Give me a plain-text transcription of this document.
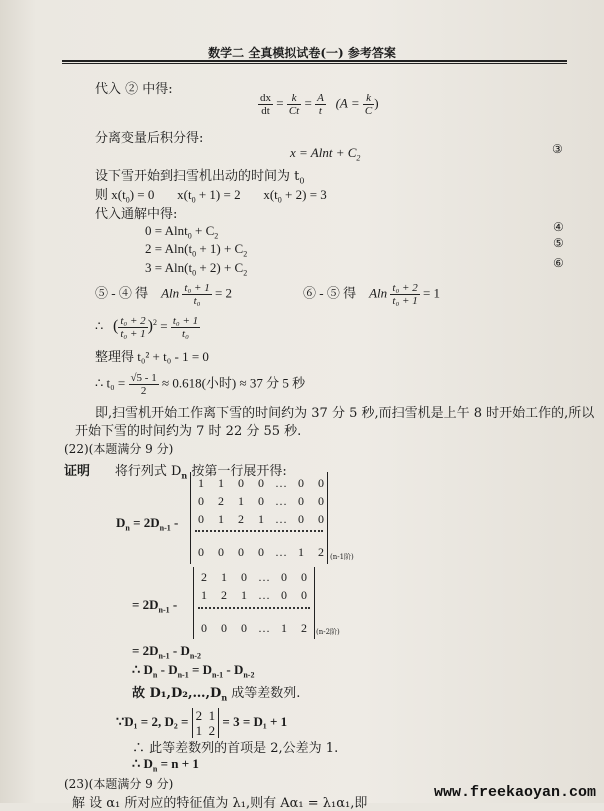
数学二 全真模拟试卷(一) 参考答案
代入 ② 中得:
$\frac{dx}{dt} = \frac{k}{Ct} = \frac{A}{t} (A = \frac{k}{C}$ )
分离变量后积分得:
$x = Alnt + C_2$
③
设下雪开始到扫雪机出动的时间为 $t_0$
则 $x(t_0) = 0$ $x(t_0 + 1) = 2$ $x(t_0 + 2) = 3$
代入通解中得:
$0 = Alnt_0 + C_2$
$2 = Aln(t_0 + 1) + C_2$
$3 = Aln(t_0 + 2) + C_2$
④
⑤
⑥
⑤ - ④ 得 Aln $\frac{\text{t₀ + 1}}{\text{t₀}} = 2$	⑥ - ⑤ 得 Aln $\frac{\text{t₀ + 2}}{\text{t₀ + 1}} = 1$
∴ ( $\frac{\text{t₀ + 2}}{\text{t₀ + 1}} )^2 = \frac{\text{t₀ + 1}}{\text{t₀}}$
整理得 t₀² + t₀ - 1 = 0
∴ $t_0 = \frac{√5 - 1}{2} \approx 0.618$(小时) ≈ 37 分 5 秒
即,扫雪机开始工作离下雪的时间约为 37 分 5 秒,而扫雪机是上午 8 时开始工作的,所以
开始下雪的时间约为 7 时 22 分 55 秒.
(22)(本题满分 9 分)
证明 将行列式 $D_n$ 按第一行展开得:
$D_n = 2D_{n-1}$ -
1 1 0 0 … 0 0
0 2 1 0 … 0 0
0 1 2 1 … 0 0
0 0 0 0 … 1 2 (n-1阶)
= $2D_{n-1}$ -
2 1 0 … 0 0
1 2 1 … 0 0
0 0 0 … 1 2	(n-2阶)
= $2D_{n-1} - D_{n-2}$
∴ $D_n - D_{n-1} = D_{n-1} - D_{n-2}$
故 $D_1,D_2,\dots,D_n$ 成等差数列.
∵D₁ = 2, D₂ = 2 1
1 2 = 3 = D₁ + 1
∴ 此等差数列的首项是 2,公差为 1.
∴ $D_n = n + 1$
(23)(本题满分 9 分)
解 设 α₁ 所对应的特征值为 λ₁,则有 Aα₁ = λ₁α₁,即
www.freekaoyan.com
